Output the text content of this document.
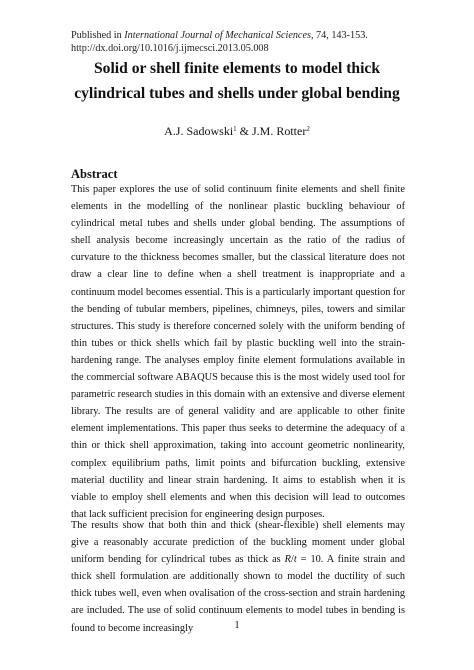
Published in International Journal of Mechanical Sciences, 74, 143-153.
http://dx.doi.org/10.1016/j.ijmecsci.2013.05.008
Solid or shell finite elements to model thick
cylindrical tubes and shells under global bending
A.J. Sadowski$^1$ & J.M. Rotter$^2$
Abstract

This paper explores the use of solid continuum finite elements and shell finite elements in the modelling of the nonlinear plastic buckling behaviour of cylindrical metal tubes and shells under global bending. The assumptions of shell analysis become increasingly uncertain as the ratio of the radius of curvature to the thickness becomes smaller, but the classical literature does not draw a clear line to define when a shell treatment is inappropriate and a continuum model becomes essential. This is a particularly important question for the bending of tubular members, pipelines, chimneys, piles, towers and similar structures. This study is therefore concerned solely with the uniform bending of thin tubes or thick shells which fail by plastic buckling well into the strain-hardening range. The analyses employ finite element formulations available in the commercial software ABAQUS because this is the most widely used tool for parametric research studies in this domain with an extensive and diverse element library. The results are of general validity and are applicable to other finite element implementations. This paper thus seeks to determine the adequacy of a thin or thick shell approximation, taking into account geometric nonlinearity, complex equilibrium paths, limit points and bifurcation buckling, extensive material ductility and linear strain hardening. It aims to establish when it is viable to employ shell elements and when this decision will lead to outcomes that lack sufficient precision for engineering design purposes.

The results show that both thin and thick (shear-flexible) shell elements may give a reasonably accurate prediction of the buckling moment under global uniform bending for cylindrical tubes as thick as R/t = 10. A finite strain and thick shell formulation are additionally shown to model the ductility of such thick tubes well, even when ovalisation of the cross-section and strain hardening are included. The use of solid continuum elements to model tubes in bending is found to become increasingly	1
